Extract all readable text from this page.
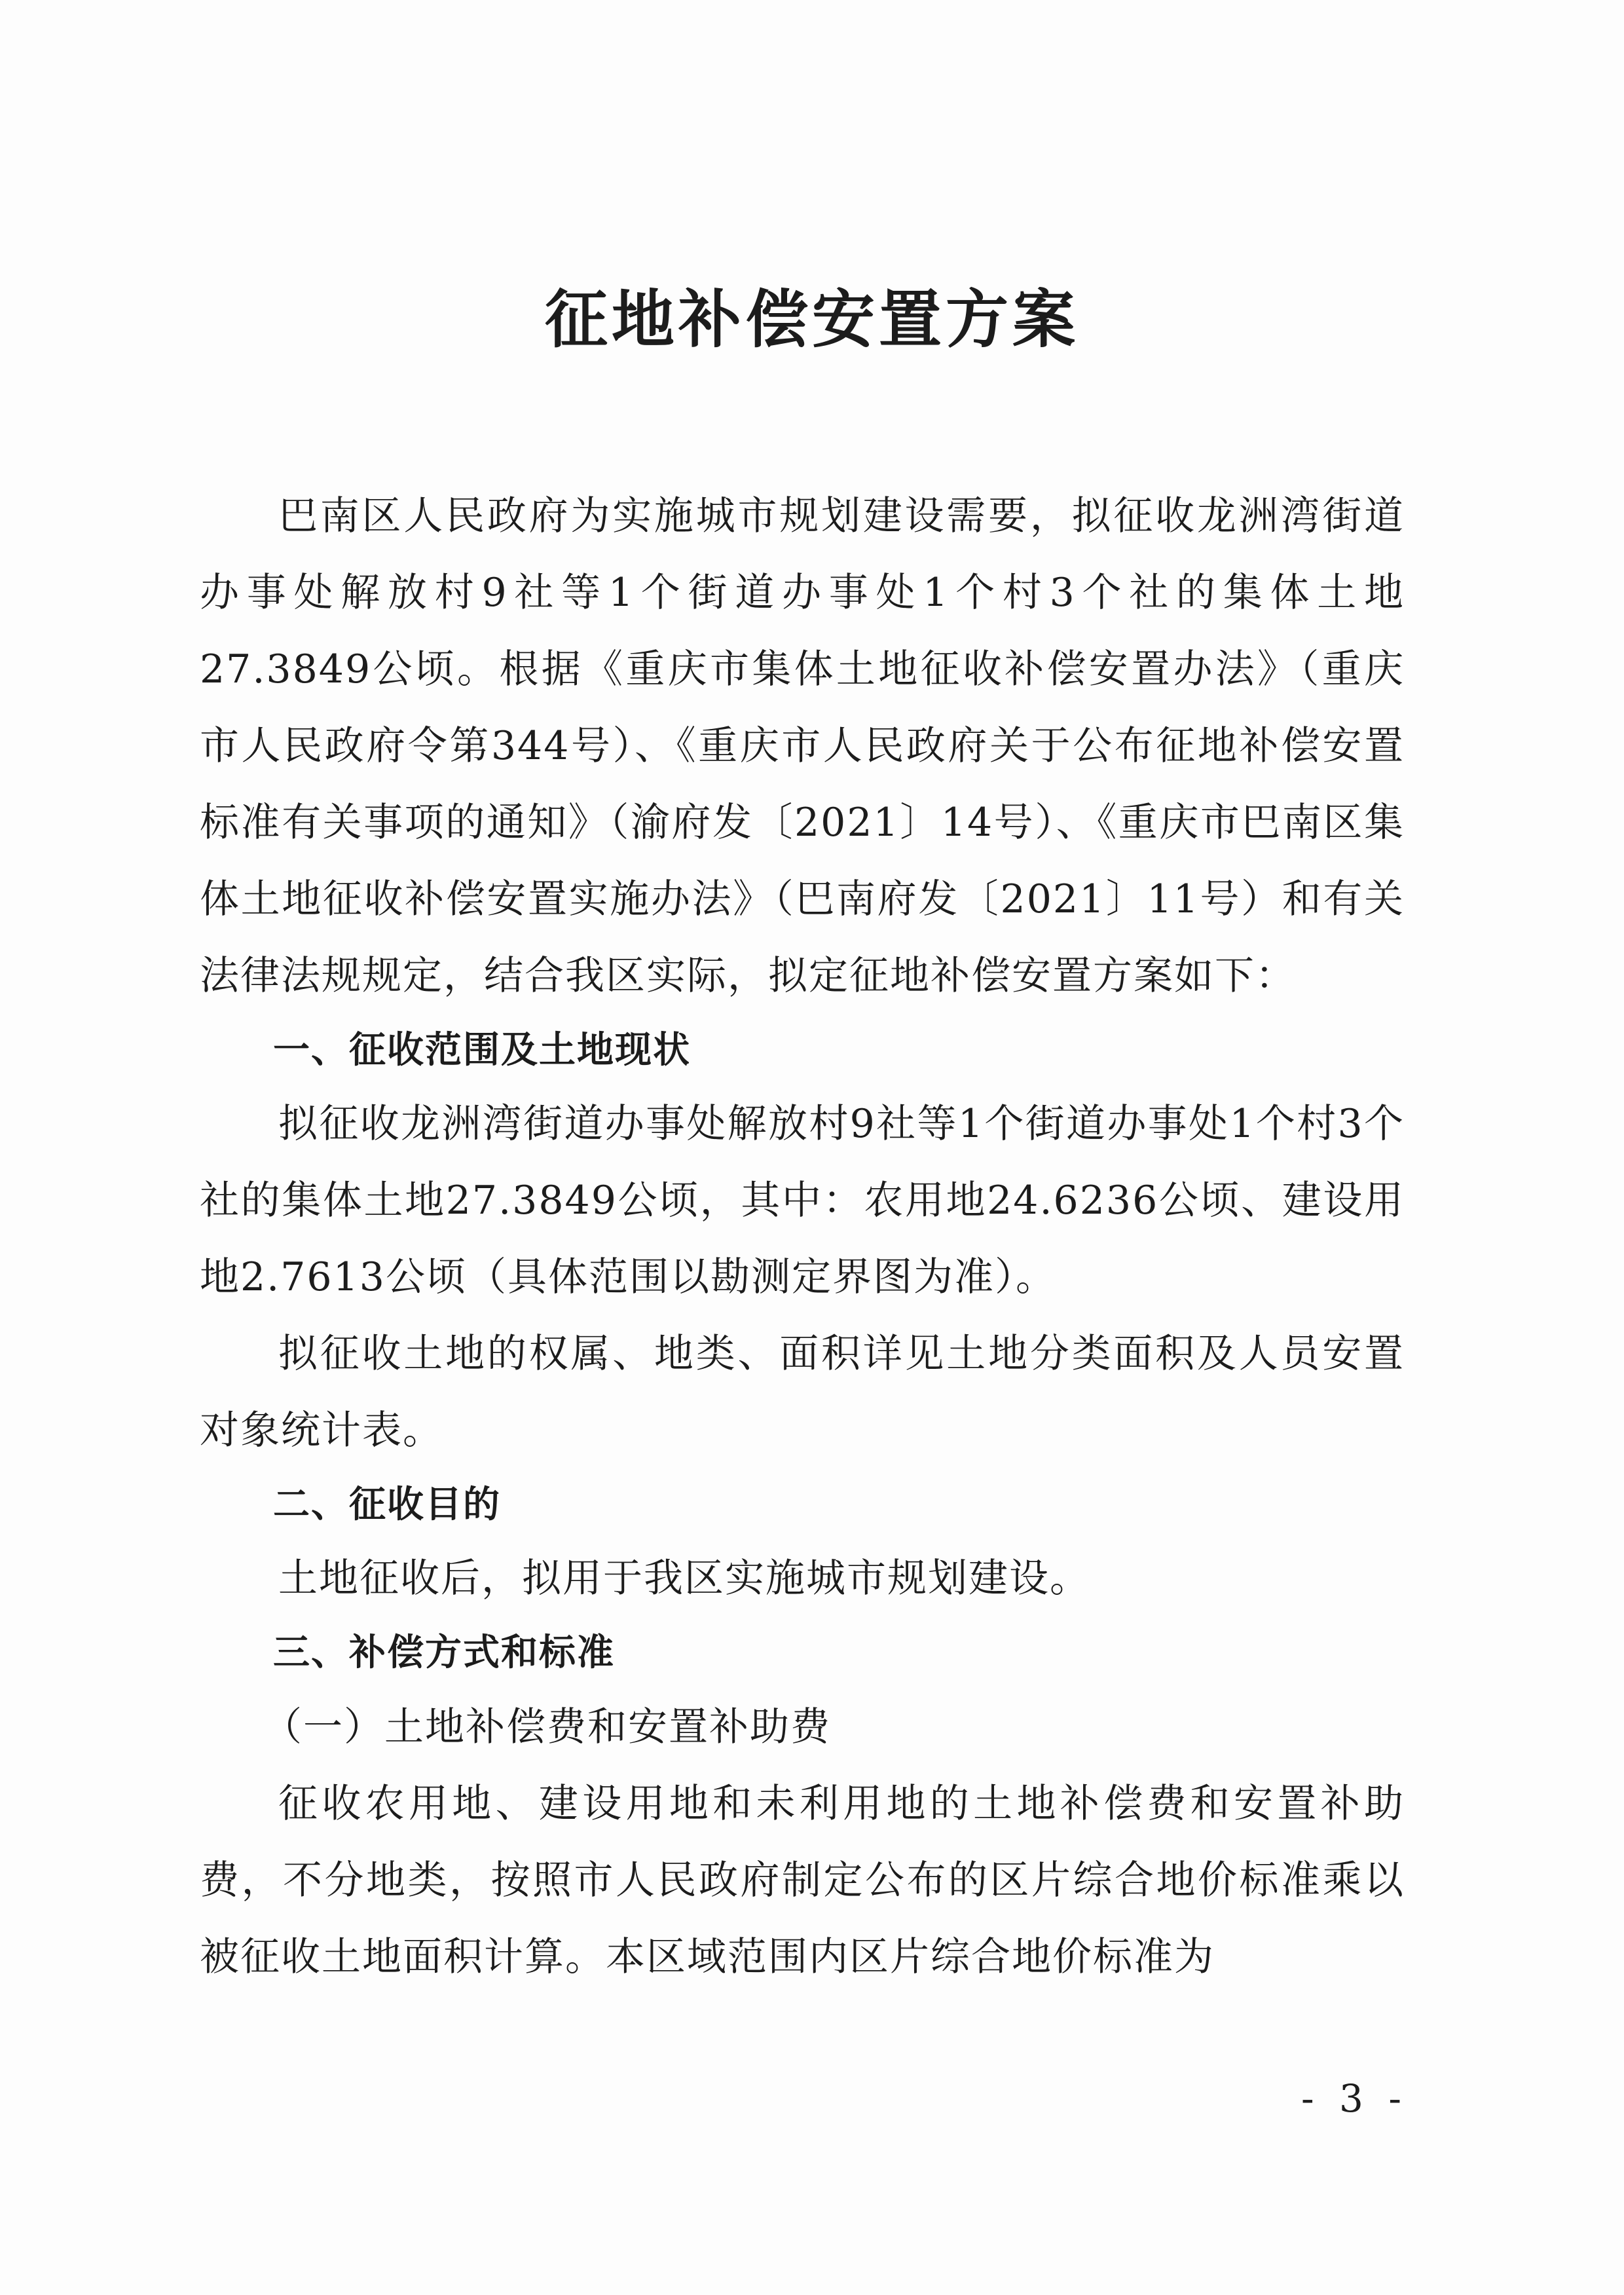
征地补偿安置方案

巴南区人民政府为实施城市规划建设需要，拟征收龙洲湾街道办事处解放村9社等1个街道办事处1个村3个社的集体土地27.3849公顷。根据《重庆市集体土地征收补偿安置办法》（重庆市人民政府令第344号）、《重庆市人民政府关于公布征地补偿安置标准有关事项的通知》（渝府发〔2021〕14号）、《重庆市巴南区集体土地征收补偿安置实施办法》（巴南府发〔2021〕11号）和有关法律法规规定，结合我区实际，拟定征地补偿安置方案如下：

一、征收范围及土地现状

拟征收龙洲湾街道办事处解放村9社等1个街道办事处1个村3个社的集体土地27.3849公顷，其中：农用地24.6236公顷、建设用地2.7613公顷（具体范围以勘测定界图为准）。

拟征收土地的权属、地类、面积详见土地分类面积及人员安置对象统计表。

二、征收目的

土地征收后，拟用于我区实施城市规划建设。

三、补偿方式和标准

（一）土地补偿费和安置补助费

征收农用地、建设用地和未利用地的土地补偿费和安置补助费，不分地类，按照市人民政府制定公布的区片综合地价标准乘以被征收土地面积计算。本区域范围内区片综合地价标准为

- 3 -
